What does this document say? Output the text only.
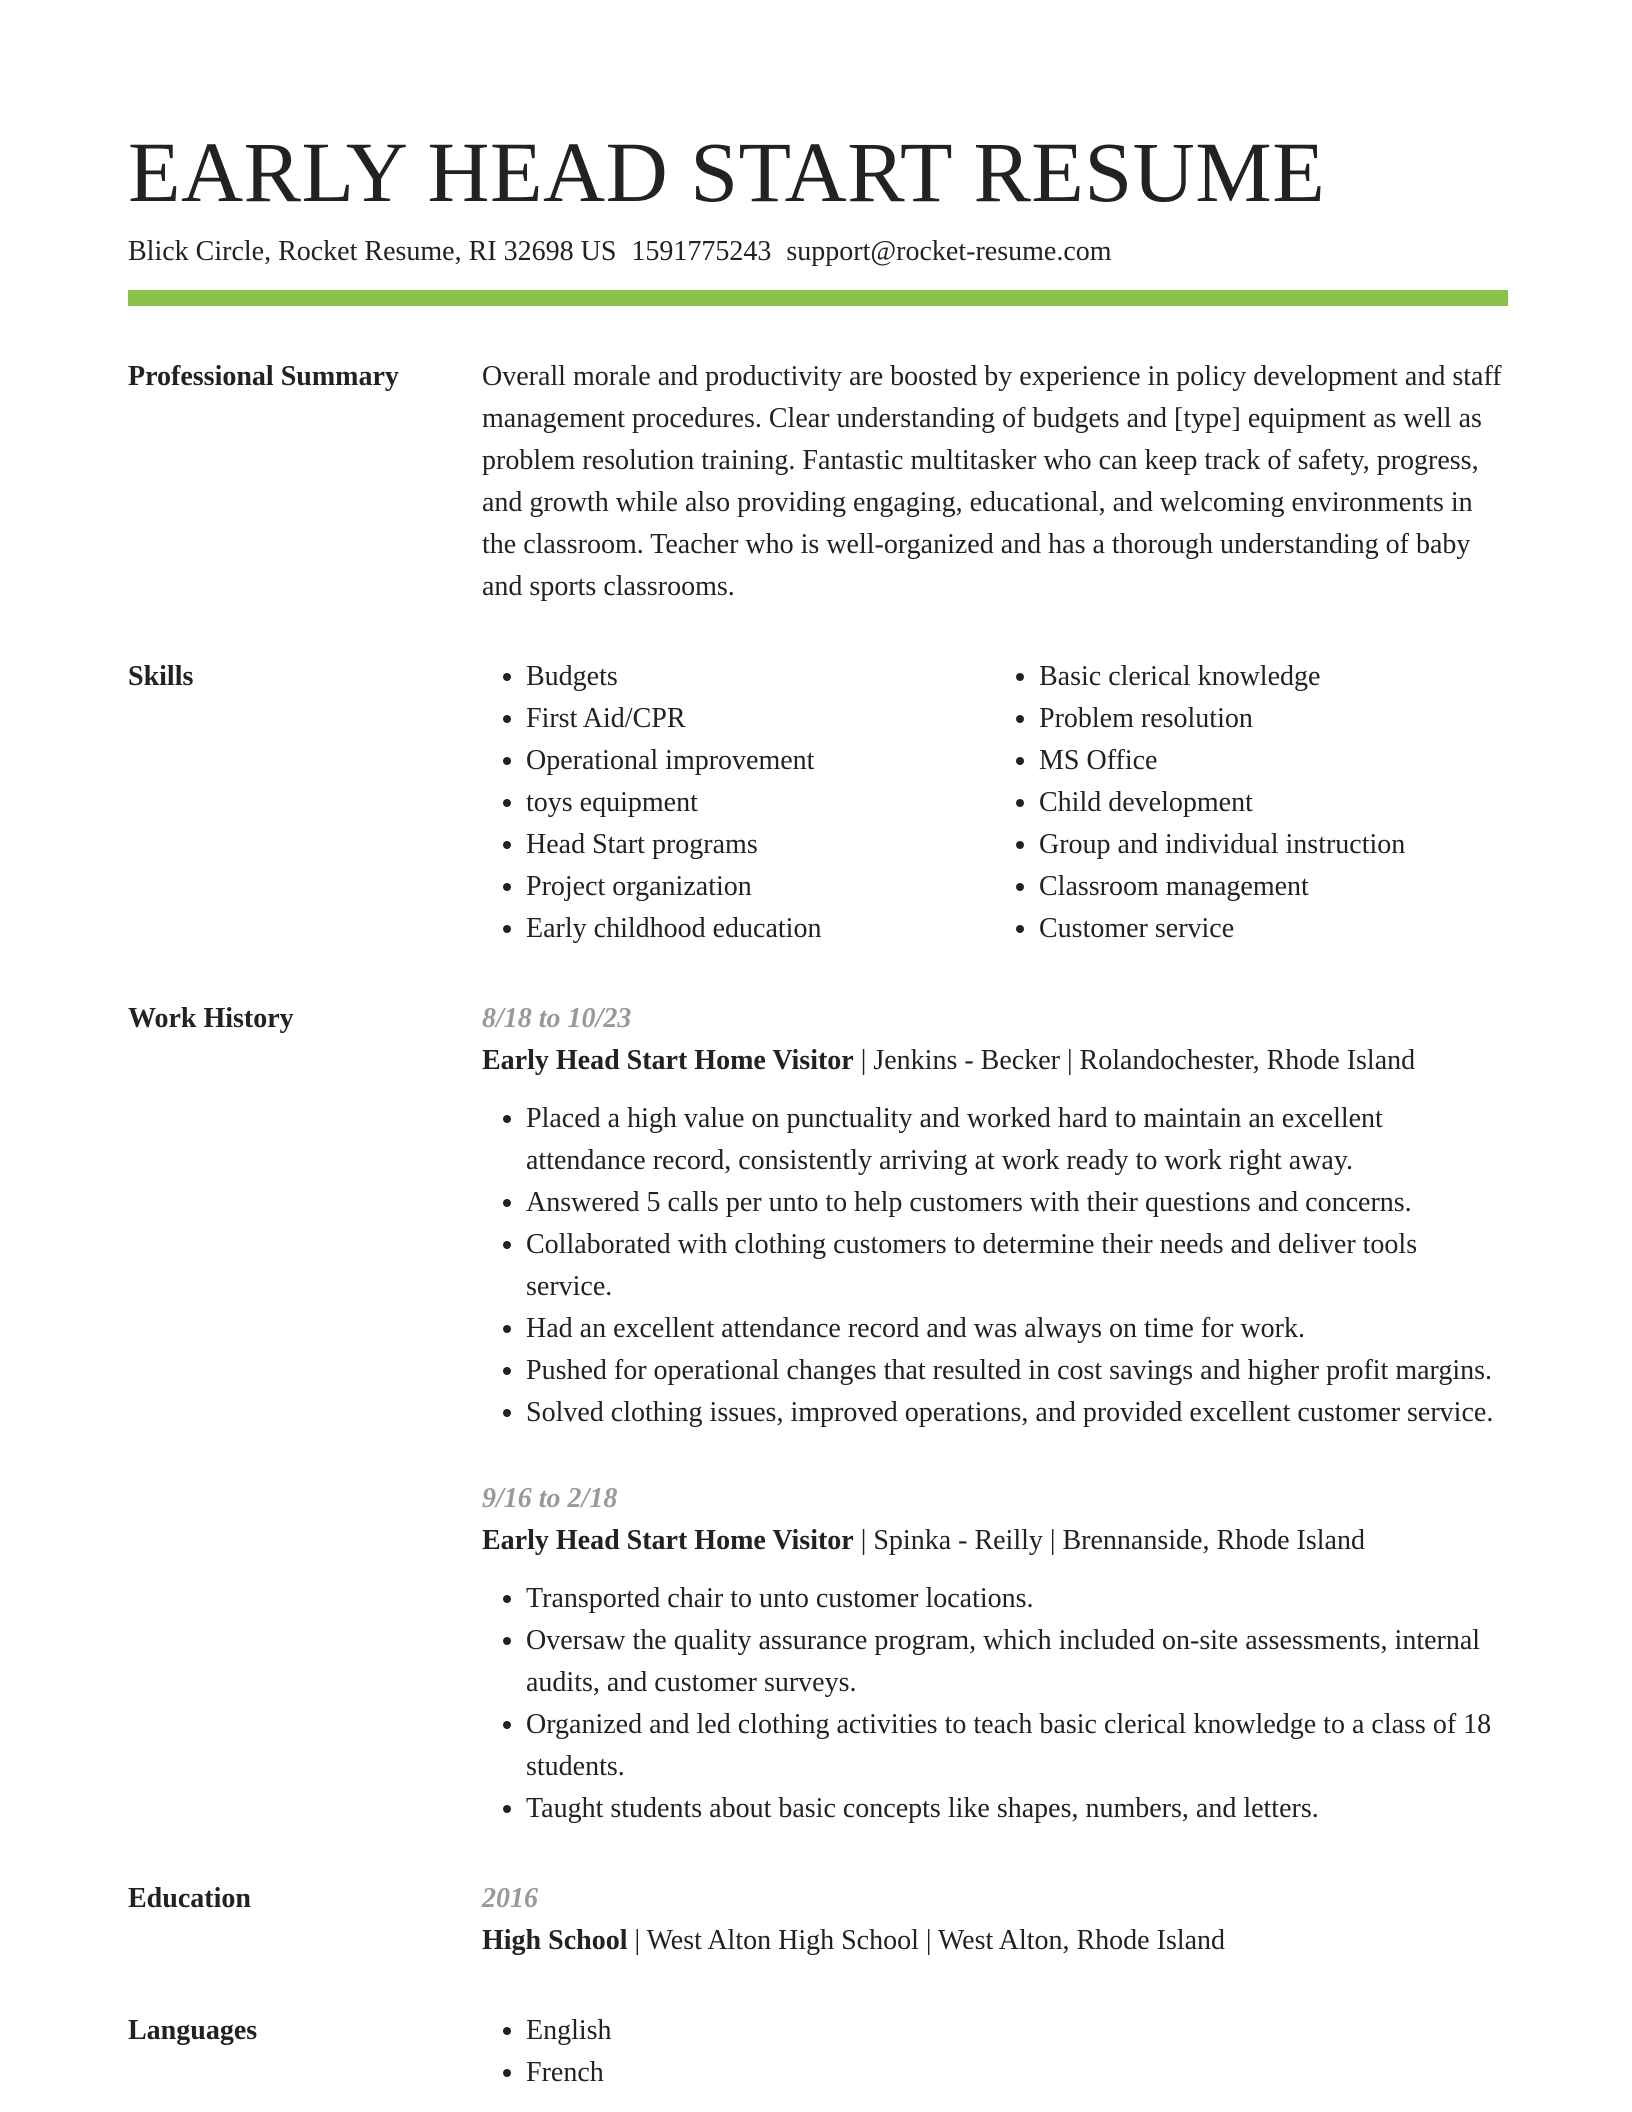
EARLY HEAD START RESUME
Blick Circle, Rocket Resume, RI 32698 US 1591775243 support@rocket-resume.com
Professional Summary	Overall morale and productivity are boosted by experience in policy development and staff management procedures. Clear understanding of budgets and [type] equipment as well as problem resolution training. Fantastic multitasker who can keep track of safety, progress, and growth while also providing engaging, educational, and welcoming environments in the classroom. Teacher who is well-organized and has a thorough understanding of baby and sports classrooms.

Skills	• Budgets
• First Aid/CPR
• Operational improvement
• toys equipment
• Head Start programs
• Project organization
• Early childhood education
• Basic clerical knowledge
• Problem resolution
• MS Office
• Child development
• Group and individual instruction
• Classroom management
• Customer service
Work History	8/18 to 10/23
Early Head Start Home Visitor | Jenkins - Becker | Rolandochester, Rhode Island
• Placed a high value on punctuality and worked hard to maintain an excellent attendance record, consistently arriving at work ready to work right away.
• Answered 5 calls per unto to help customers with their questions and concerns.
• Collaborated with clothing customers to determine their needs and deliver tools service.
• Had an excellent attendance record and was always on time for work.
• Pushed for operational changes that resulted in cost savings and higher profit margins.
• Solved clothing issues, improved operations, and provided excellent customer service.
9/16 to 2/18
Early Head Start Home Visitor | Spinka - Reilly | Brennanside, Rhode Island
• Transported chair to unto customer locations.
• Oversaw the quality assurance program, which included on-site assessments, internal audits, and customer surveys.
• Organized and led clothing activities to teach basic clerical knowledge to a class of 18 students.
• Taught students about basic concepts like shapes, numbers, and letters.
Education	2016
High School | West Alton High School | West Alton, Rhode Island
Languages	• English
• French
